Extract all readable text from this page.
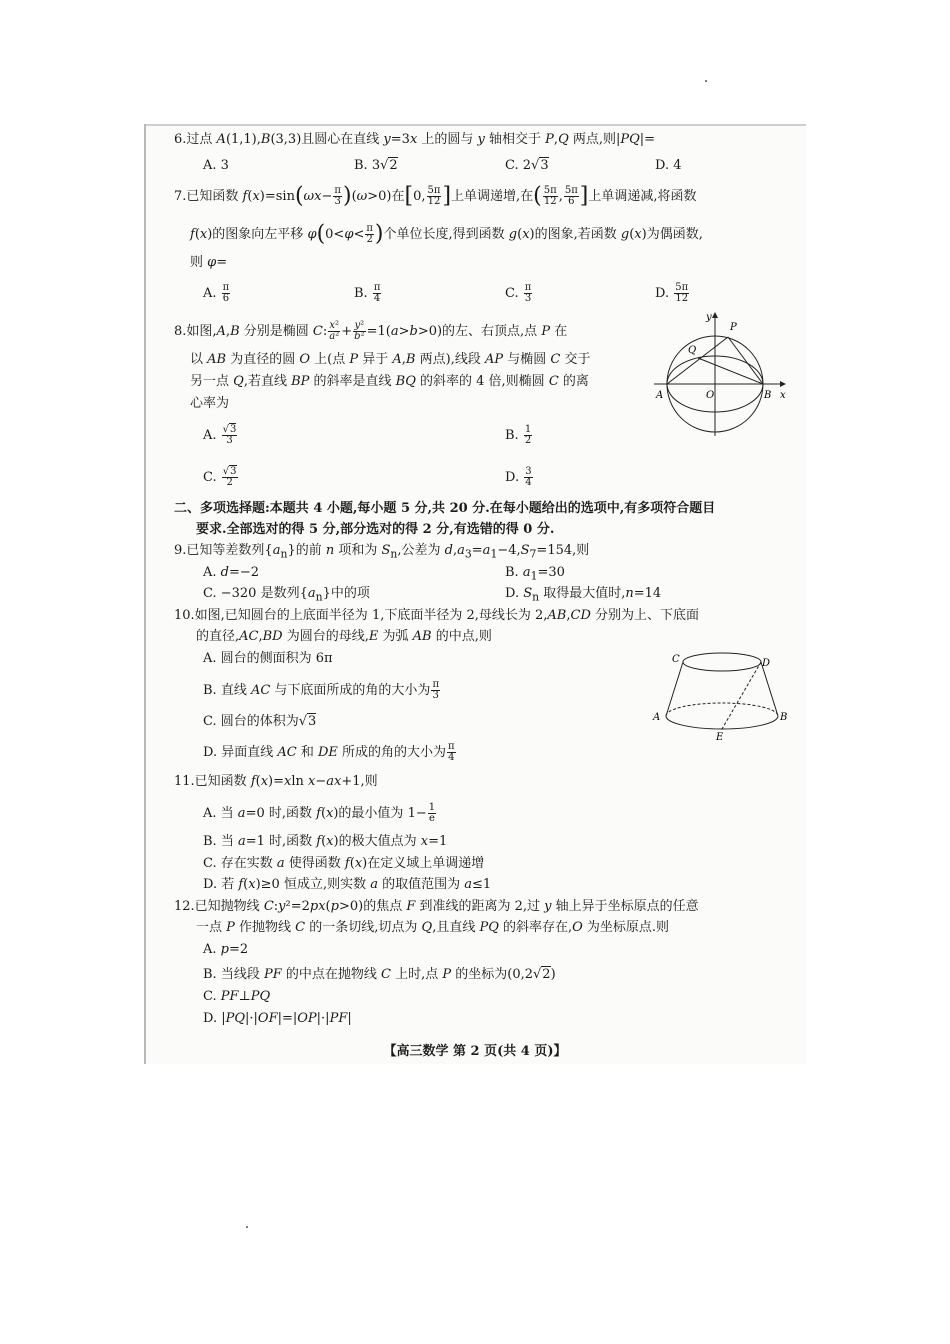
6.过点 A(1,1),B(3,3)且圆心在直线 y=3x 上的圆与 y 轴相交于 P,Q 两点,则|PQ|=
A. 3	B. 3√2	C. 2√3	D. 4
7.已知函数 $f(x)=\sin(\omega x- \frac{\pi}{3} )(\omega>0)$在[0, $\frac{5\pi}{12}$ ]上单调递增,在( $\frac{5\pi}{12}$ , $\frac{5\pi}{6}$ ]上单调递减,将函数
f(x)的图象向左平移 $\varphi(0<\varphi< \frac{\pi}{2}$ )个单位长度,得到函数 g(x)的图象,若函数 g(x)为偶函数,
则 φ=
A. $\frac{\pi}{6}$	B. $\frac{\pi}{4}$	C. $\frac{\pi}{3}$	D. $\frac{5\pi}{12}$
8.如图,A,B 分别是椭圆 C: $\frac{\text{x²}}{\text{a²}} + \frac{\text{y²}}{\text{b²}} =1(a>b>0)$的左、右顶点,点 P 在
以 AB 为直径的圆 O 上(点 P 异于 A,B 两点),线段 AP 与椭圆 C 交于
另一点 Q,若直线 BP 的斜率是直线 BQ 的斜率的 4 倍,则椭圆 C 的离
心率为
A. $\frac{√3}{3}$	B. $\frac{1}{2}$
C. $\frac{√3}{2}$	D. $\frac{3}{4}$
y
P
Q
A	O	B x
二、多项选择题:本题共 4 小题,每小题 5 分,共 20 分.在每小题给出的选项中,有多项符合题目
要求.全部选对的得 5 分,部分选对的得 2 分,有选错的得 0 分.
9.已知等差数列$\{a_n\}$的前 n 项和为 $S_n$,公差为 $d,a_3=a_1-4,S_7=154$,则
A. d=−2	B. $a_1=30$
C. −320 是数列$\{a_n\}$中的项	D. $S_n$ 取得最大值时,n=14
10.如图,已知圆台的上底面半径为 1,下底面半径为 2,母线长为 2,AB,CD 分别为上、下底面
的直径,AC,BD 为圆台的母线,E 为弧 AB 的中点,则
A. 圆台的侧面积为 6π
B. 直线 AC 与下底面所成的角的大小为 $\frac{\pi}{3}$
C. 圆台的体积为√3
D. 异面直线 AC 和 DE 所成的角的大小为 $\frac{\pi}{4}$
C	D
A	B
E
11.已知函数 f(x)=xln x−ax+1,则
A. 当 a=0 时,函数 f(x)的最小值为 $1- \frac{1}{e}$
B. 当 a=1 时,函数 f(x)的极大值点为 x=1
C. 存在实数 a 使得函数 f(x)在定义域上单调递增
D. 若 f(x)≥0 恒成立,则实数 a 的取值范围为 a≤1
12.已知抛物线 C:y²=2px(p>0)的焦点 F 到准线的距离为 2,过 y 轴上异于坐标原点的任意
一点 P 作抛物线 C 的一条切线,切点为 Q,且直线 PQ 的斜率存在,O 为坐标原点.则
A. p=2
B. 当线段 PF 的中点在抛物线 C 上时,点 P 的坐标为(0,2√2)
C. PF⊥PQ
D. |PQ|·|OF|=|OP|·|PF|
【高三数学 第 2 页(共 4 页)】
